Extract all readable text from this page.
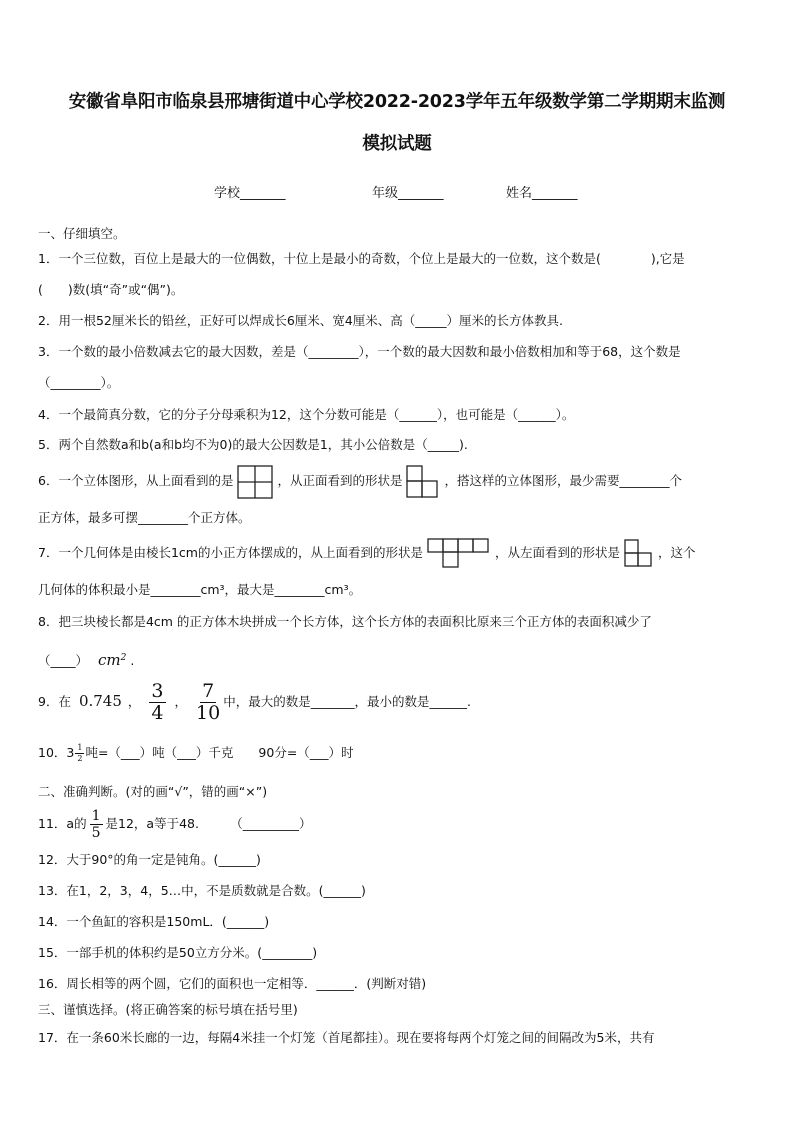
安徽省阜阳市临泉县邢塘街道中心学校2022-2023学年五年级数学第二学期期末监测
模拟试题
学校_______	年级_______	姓名_______
一、仔细填空。
1．一个三位数，百位上是最大的一位偶数，十位上是最小的奇数，个位上是最大的一位数，这个数是(　　　　),它是
(　　)数(填“奇”或“偶”)。
2．用一根52厘米长的铅丝，正好可以焊成长6厘米、宽4厘米、高（_____）厘米的长方体教具.
3．一个数的最小倍数减去它的最大因数，差是（________），一个数的最大因数和最小倍数相加和等于68，这个数是
（________）。
4．一个最简真分数，它的分子分母乘积为12，这个分数可能是（______），也可能是（______）。
5．两个自然数a和b(a和b均不为0)的最大公因数是1，其小公倍数是（_____).
6．一个立体图形，从上面看到的是	，从正面看到的形状是	，搭这样的立体图形，最少需要________个
正方体，最多可摆________个正方体。
7．一个几何体是由棱长1cm的小正方体摆成的，从上面看到的形状是	，从左面看到的形状是	，这个
几何体的体积最小是________cm³，最大是________cm³。
8．把三块棱长都是4cm 的正方体木块拼成一个长方体，这个长方体的表面积比原来三个正方体的表面积减少了
（____） $cm^2$ .
9．在 0.745 ， $\frac{3}{4}$ ， $\frac{7}{10}$ 中，最大的数是_______，最小的数是______.
10．$3 \frac{1}{2}$ 吨=（___）吨（___）千克　　90分=（___）时
二、准确判断。(对的画“√”，错的画“×”)
11．a的 $\frac{1}{5}$ 是12，a等于48.　　　（_________）
12．大于90°的角一定是钝角。(______)
13．在1，2，3，4，5…中，不是质数就是合数。(______)
14．一个鱼缸的容积是150mL．(______)
15．一部手机的体积约是50立方分米。(________)
16．周长相等的两个圆，它们的面积也一定相等．______．(判断对错)
三、谨慎选择。(将正确答案的标号填在括号里)
17．在一条60米长廊的一边，每隔4米挂一个灯笼（首尾都挂）。现在要将每两个灯笼之间的间隔改为5米，共有
